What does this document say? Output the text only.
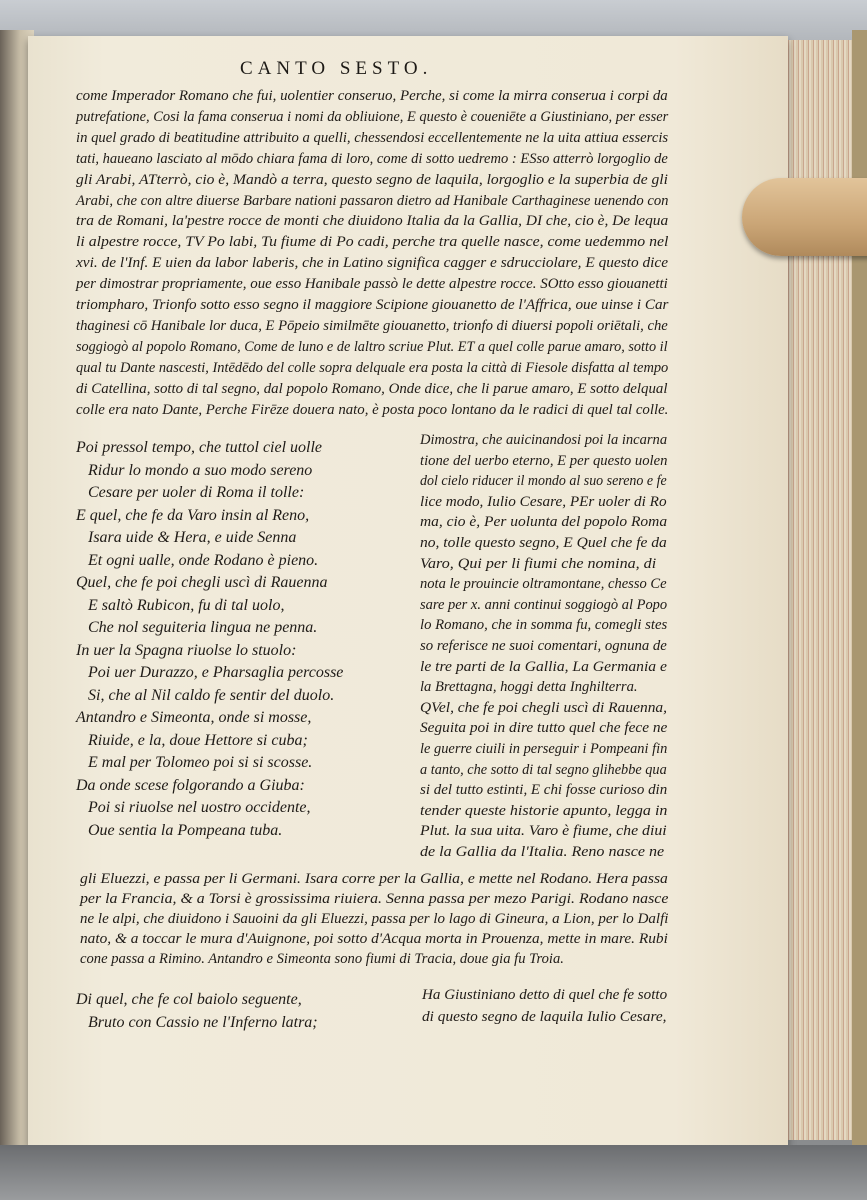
CANTO SESTO.
come Imperador Romano che fui, uolentier conseruo, Perche, si come la mirra conserua i corpi da
putrefatione, Cosi la fama conserua i nomi da obliuione, E questo è coueniēte a Giustiniano, per esser
in quel grado di beatitudine attribuito a quelli, chessendosi eccellentemente ne la uita attiua essercis
tati, haueano lasciato al mōdo chiara fama di loro, come di sotto uedremo : ESso atterrò lorgoglio de
gli Arabi, ATterrò, cio è, Mandò a terra, questo segno de laquila, lorgoglio e la superbia de gli
Arabi, che con altre diuerse Barbare nationi passaron dietro ad Hanibale Carthaginese uenendo con
tra de Romani, la'pestre rocce de monti che diuidono Italia da la Gallia, DI che, cio è, De lequa
li alpestre rocce, TV Po labi, Tu fiume di Po cadi, perche tra quelle nasce, come uedemmo nel
xvi. de l'Inf. E uien da labor laberis, che in Latino significa cagger e sdrucciolare, E questo dice
per dimostrar propriamente, oue esso Hanibale passò le dette alpestre rocce. SOtto esso giouanetti
triompharo, Trionfo sotto esso segno il maggiore Scipione giouanetto de l'Affrica, oue uinse i Car
thaginesi cō Hanibale lor duca, E Pōpeio similmēte giouanetto, trionfo di diuersi popoli oriētali, che
soggiogò al popolo Romano, Come de luno e de laltro scriue Plut. ET a quel colle parue amaro, sotto il
qual tu Dante nascesti, Intēdēdo del colle sopra delquale era posta la città di Fiesole disfatta al tempo
di Catellina, sotto di tal segno, dal popolo Romano, Onde dice, che li parue amaro, E sotto delqual
colle era nato Dante, Perche Firēze douera nato, è posta poco lontano da le radici di quel tal colle.
Poi pressol tempo, che tuttol ciel uolle
Ridur lo mondo a suo modo sereno
Cesare per uoler di Roma il tolle:
E quel, che fe da Varo insin al Reno,
Isara uide & Hera, e uide Senna
Et ogni ualle, onde Rodano è pieno.
Quel, che fe poi chegli uscì di Rauenna
E saltò Rubicon, fu di tal uolo,
Che nol seguiteria lingua ne penna.
In uer la Spagna riuolse lo stuolo:
Poi uer Durazzo, e Pharsaglia percosse
Si, che al Nil caldo fe sentir del duolo.
Antandro e Simeonta, onde si mosse,
Riuide, e la, doue Hettore si cuba;
E mal per Tolomeo poi si si scosse.
Da onde scese folgorando a Giuba:
Poi si riuolse nel uostro occidente,
Oue sentia la Pompeana tuba.
Dimostra, che auicinandosi poi la incarna
tione del uerbo eterno, E per questo uolen
dol cielo riducer il mondo al suo sereno e fe
lice modo, Iulio Cesare, PEr uoler di Ro
ma, cio è, Per uolunta del popolo Roma
no, tolle questo segno, E Quel che fe da
Varo, Qui per li fiumi che nomina, di
nota le prouincie oltramontane, chesso Ce
sare per x. anni continui soggiogò al Popo
lo Romano, che in somma fu, comegli stes
so referisce ne suoi comentari, ognuna de
le tre parti de la Gallia, La Germania e
la Brettagna, hoggi detta Inghilterra.
QVel, che fe poi chegli uscì di Rauenna,
Seguita poi in dire tutto quel che fece ne
le guerre ciuili in perseguir i Pompeani fin
a tanto, che sotto di tal segno glihebbe qua
si del tutto estinti, E chi fosse curioso din
tender queste historie apunto, legga in
Plut. la sua uita. Varo è fiume, che diui
de la Gallia da l'Italia. Reno nasce ne
gli Eluezzi, e passa per li Germani. Isara corre per la Gallia, e mette nel Rodano. Hera passa
per la Francia, & a Torsi è grossissima riuiera. Senna passa per mezo Parigi. Rodano nasce
ne le alpi, che diuidono i Sauoini da gli Eluezzi, passa per lo lago di Gineura, a Lion, per lo Dalfi
nato, & a toccar le mura d'Auignone, poi sotto d'Acqua morta in Prouenza, mette in mare. Rubi
cone passa a Rimino. Antandro e Simeonta sono fiumi di Tracia, doue gia fu Troia.
Di quel, che fe col baiolo seguente,
Bruto con Cassio ne l'Inferno latra;
Ha Giustiniano detto di quel che fe sotto
di questo segno de laquila Iulio Cesare,
